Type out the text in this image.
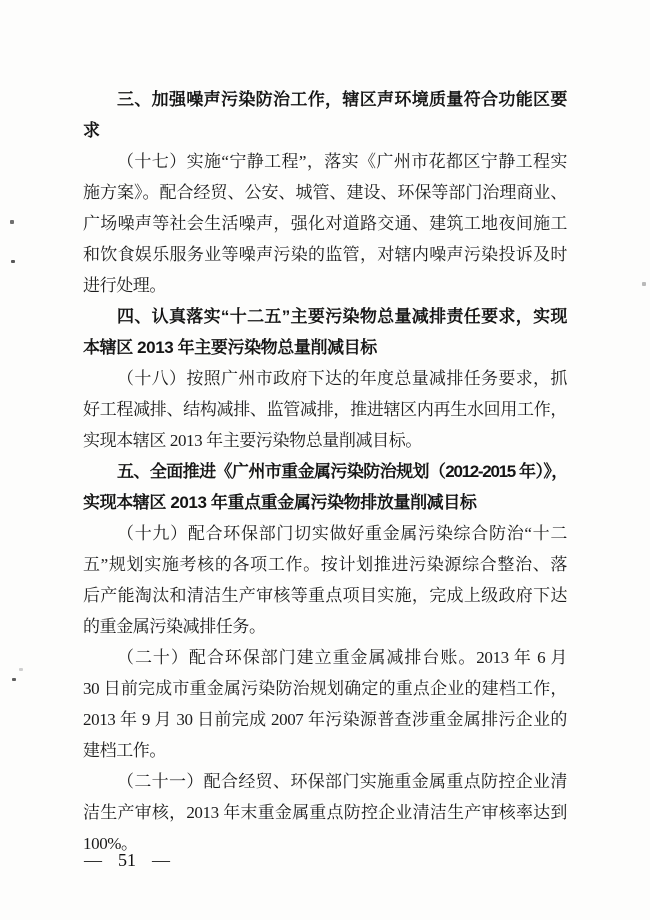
三、加强噪声污染防治工作，辖区声环境质量符合功能区要
求
（十七）实施“宁静工程”，落实《广州市花都区宁静工程实
施方案》。配合经贸、公安、城管、建设、环保等部门治理商业、
广场噪声等社会生活噪声，强化对道路交通、建筑工地夜间施工
和饮食娱乐服务业等噪声污染的监管，对辖内噪声污染投诉及时
进行处理。
四、认真落实“十二五”主要污染物总量减排责任要求，实现
本辖区 2013 年主要污染物总量削减目标
（十八）按照广州市政府下达的年度总量减排任务要求，抓
好工程减排、结构减排、监管减排，推进辖区内再生水回用工作，
实现本辖区 2013 年主要污染物总量削减目标。
五、全面推进《广州市重金属污染防治规划（2012-2015 年）》，
实现本辖区 2013 年重点重金属污染物排放量削减目标
（十九）配合环保部门切实做好重金属污染综合防治“十二
五”规划实施考核的各项工作。按计划推进污染源综合整治、落
后产能淘汰和清洁生产审核等重点项目实施，完成上级政府下达
的重金属污染减排任务。
（二十）配合环保部门建立重金属减排台账。2013 年 6 月
30 日前完成市重金属污染防治规划确定的重点企业的建档工作，
2013 年 9 月 30 日前完成 2007 年污染源普查涉重金属排污企业的
建档工作。
（二十一）配合经贸、环保部门实施重金属重点防控企业清
洁生产审核，2013 年末重金属重点防控企业清洁生产审核率达到
100%。
— 51 —
